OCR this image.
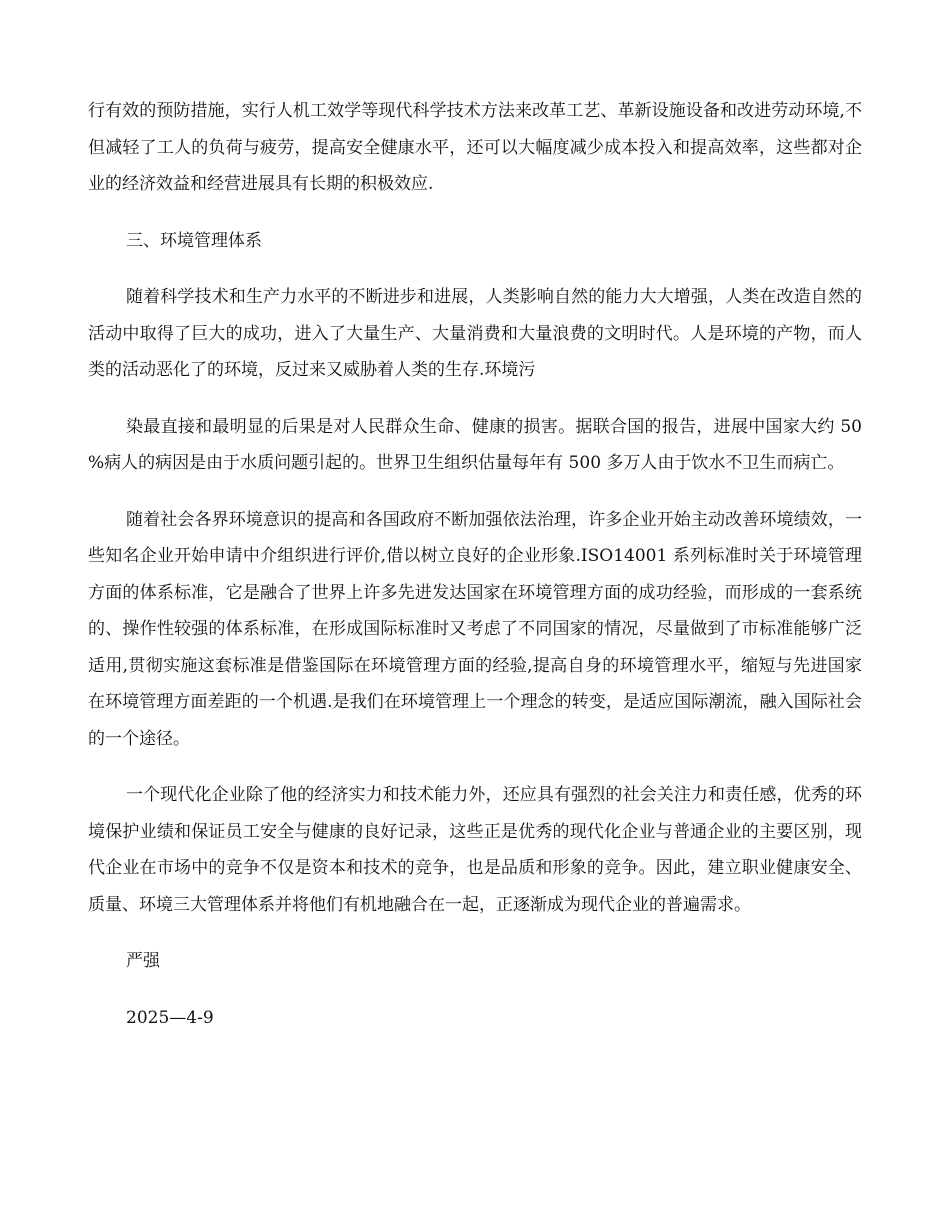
行有效的预防措施，实行人机工效学等现代科学技术方法来改革工艺、革新设施设备和改进劳动环境,不但减轻了工人的负荷与疲劳，提高安全健康水平，还可以大幅度减少成本投入和提高效率，这些都对企业的经济效益和经营进展具有长期的积极效应.

三、环境管理体系

随着科学技术和生产力水平的不断进步和进展，人类影响自然的能力大大增强，人类在改造自然的活动中取得了巨大的成功，进入了大量生产、大量消费和大量浪费的文明时代。人是环境的产物，而人类的活动恶化了的环境，反过来又威胁着人类的生存.环境污

染最直接和最明显的后果是对人民群众生命、健康的损害。据联合国的报告，进展中国家大约 50%病人的病因是由于水质问题引起的。世界卫生组织估量每年有 500 多万人由于饮水不卫生而病亡。

随着社会各界环境意识的提高和各国政府不断加强依法治理，许多企业开始主动改善环境绩效，一些知名企业开始申请中介组织进行评价,借以树立良好的企业形象.ISO14001 系列标准时关于环境管理方面的体系标准，它是融合了世界上许多先进发达国家在环境管理方面的成功经验，而形成的一套系统的、操作性较强的体系标准，在形成国际标准时又考虑了不同国家的情况，尽量做到了市标准能够广泛适用,贯彻实施这套标准是借鉴国际在环境管理方面的经验,提高自身的环境管理水平，缩短与先进国家在环境管理方面差距的一个机遇.是我们在环境管理上一个理念的转变，是适应国际潮流，融入国际社会的一个途径。

一个现代化企业除了他的经济实力和技术能力外，还应具有强烈的社会关注力和责任感，优秀的环境保护业绩和保证员工安全与健康的良好记录，这些正是优秀的现代化企业与普通企业的主要区别，现代企业在市场中的竞争不仅是资本和技术的竞争，也是品质和形象的竞争。因此，建立职业健康安全、质量、环境三大管理体系并将他们有机地融合在一起，正逐渐成为现代企业的普遍需求。

严强

2025—4-9
